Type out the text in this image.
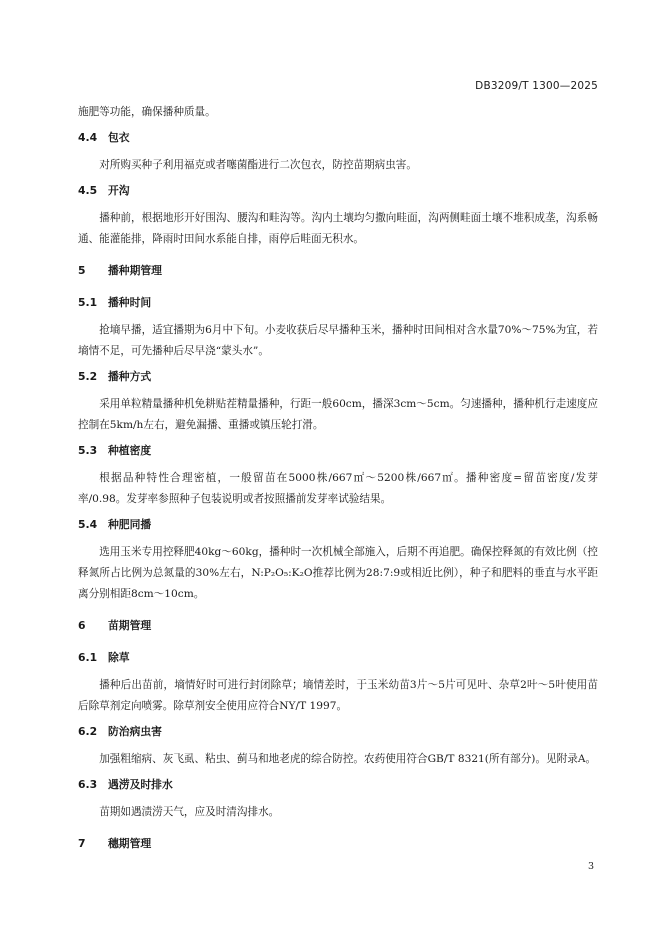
DB3209/T 1300—2025
施肥等功能，确保播种质量。
4.4 包衣
对所购买种子利用福克或者噻菌酯进行二次包衣，防控苗期病虫害。
4.5 开沟
播种前，根据地形开好围沟、腰沟和畦沟等。沟内土壤均匀撒向畦面，沟两侧畦面土壤不堆积成垄，沟系畅通、能灌能排，降雨时田间水系能自排，雨停后畦面无积水。
5 播种期管理
5.1 播种时间
抢墒早播，适宜播期为6月中下旬。小麦收获后尽早播种玉米，播种时田间相对含水量70%～75%为宜，若墒情不足，可先播种后尽早浇“蒙头水”。
5.2 播种方式
采用单粒精量播种机免耕贴茬精量播种，行距一般60cm，播深3cm～5cm。匀速播种，播种机行走速度应控制在5km/h左右，避免漏播、重播或镇压轮打滑。
5.3 种植密度
根据品种特性合理密植，一般留苗在5000株/667㎡～5200株/667㎡。播种密度=留苗密度/发芽率/0.98。发芽率参照种子包装说明或者按照播前发芽率试验结果。
5.4 种肥同播
选用玉米专用控释肥40kg～60kg，播种时一次机械全部施入，后期不再追肥。确保控释氮的有效比例（控释氮所占比例为总氮量的30%左右，N:P₂O₅:K₂O推荐比例为28:7:9或相近比例），种子和肥料的垂直与水平距离分别相距8cm～10cm。
6 苗期管理
6.1 除草
播种后出苗前，墒情好时可进行封闭除草；墒情差时，于玉米幼苗3片～5片可见叶、杂草2叶～5叶使用苗后除草剂定向喷雾。除草剂安全使用应符合NY/T 1997。
6.2 防治病虫害
加强粗缩病、灰飞虱、粘虫、蓟马和地老虎的综合防控。农药使用符合GB/T 8321(所有部分)。见附录A。
6.3 遇涝及时排水
苗期如遇渍涝天气，应及时清沟排水。
7 穗期管理
3
